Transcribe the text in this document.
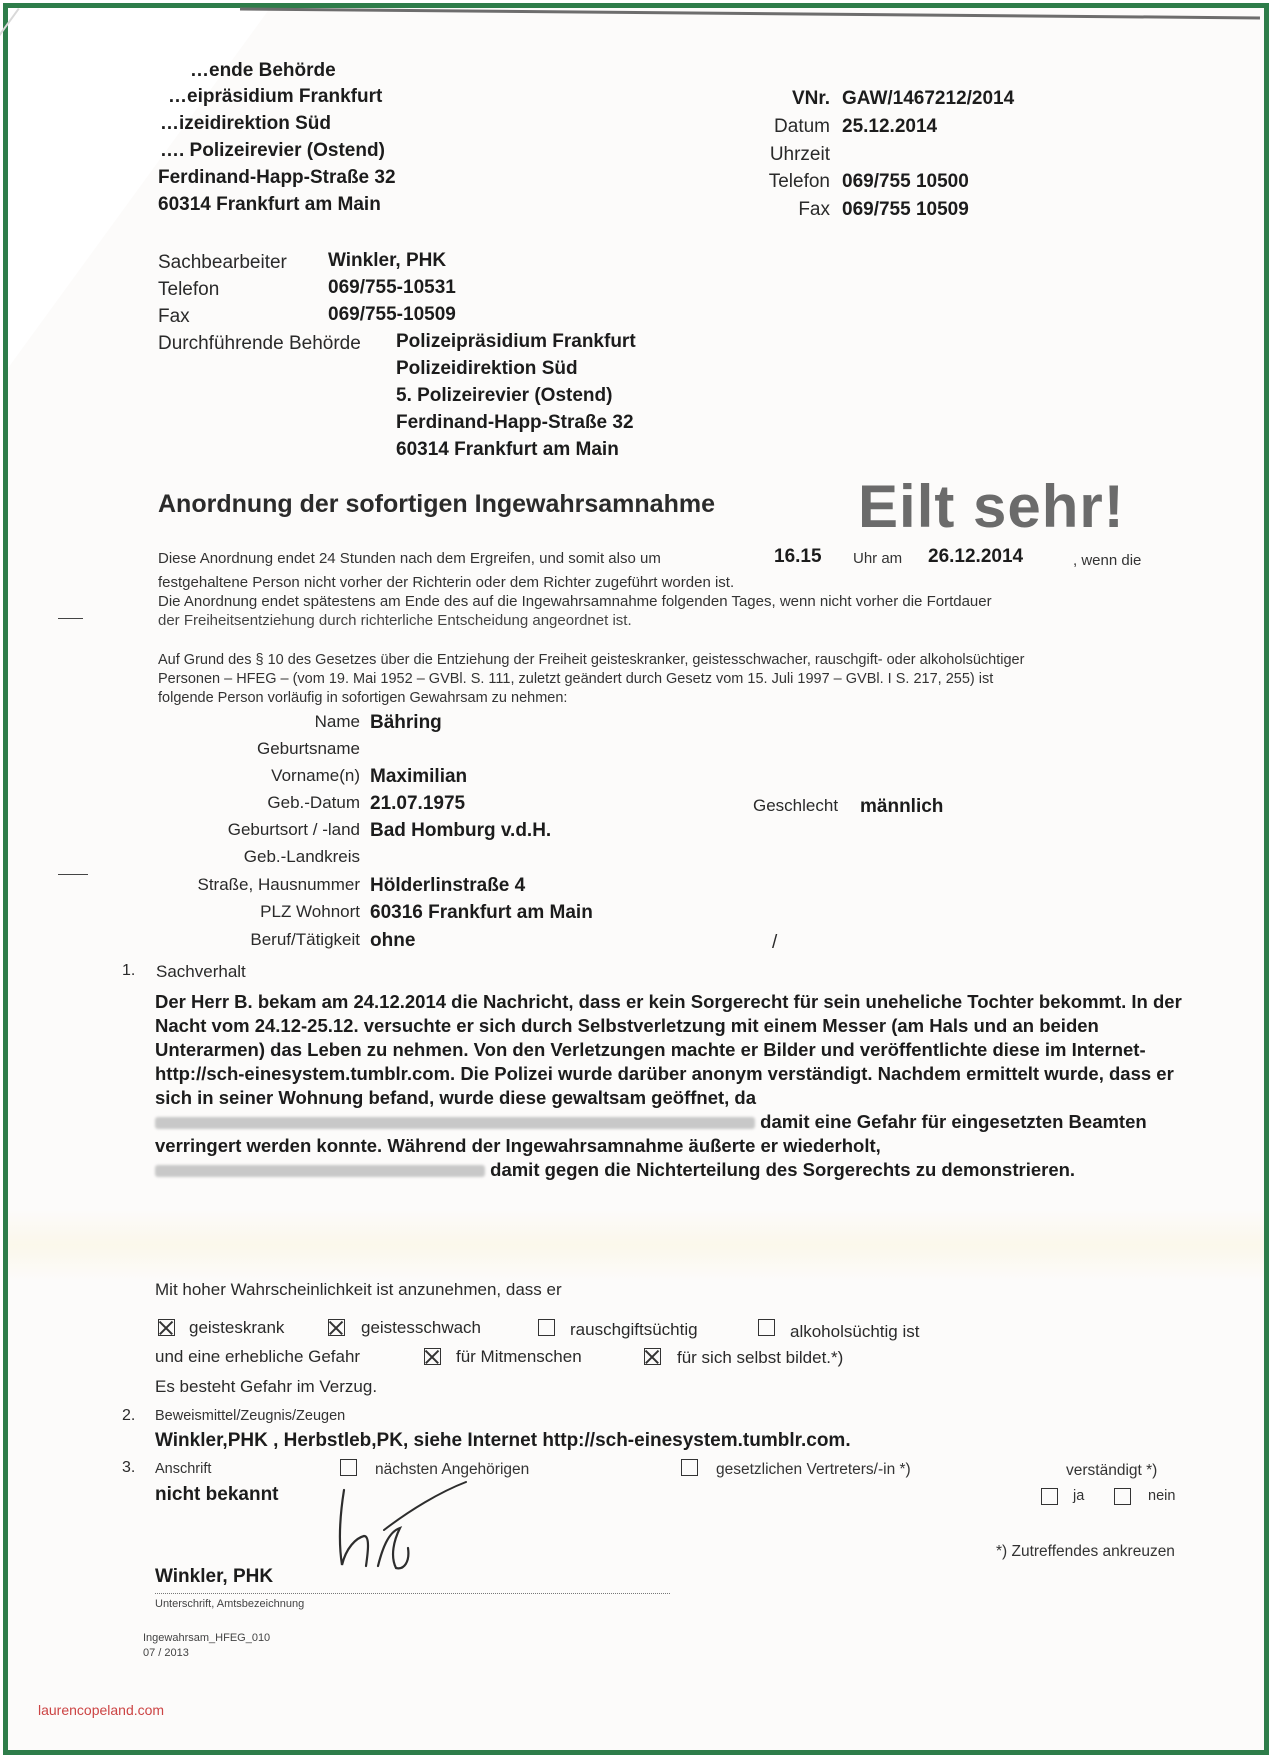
…ende Behörde
…eipräsidium Frankfurt
…izeidirektion Süd
…. Polizeirevier (Ostend)
Ferdinand-Happ-Straße 32
60314 Frankfurt am Main
VNr. GAW/1467212/2014
Datum 25.12.2014
Uhrzeit
Telefon 069/755 10500
Fax 069/755 10509
Sachbearbeiter Winkler, PHK
Telefon	069/755-10531
Fax	069/755-10509
Durchführende Behörde Polizeipräsidium Frankfurt
Polizeidirektion Süd
5. Polizeirevier (Ostend)
Ferdinand-Happ-Straße 32
60314 Frankfurt am Main
Anordnung der sofortigen Ingewahrsamnahme Eilt sehr!
Diese Anordnung endet 24 Stunden nach dem Ergreifen, und somit also um	16.15 Uhr am 26.12.2014	, wenn die
festgehaltene Person nicht vorher der Richterin oder dem Richter zugeführt worden ist.
Die Anordnung endet spätestens am Ende des auf die Ingewahrsamnahme folgenden Tages, wenn nicht vorher die Fortdauer
der Freiheitsentziehung durch richterliche Entscheidung angeordnet ist.
Auf Grund des § 10 des Gesetzes über die Entziehung der Freiheit geisteskranker, geistesschwacher, rauschgift- oder alkoholsüchtiger
Personen – HFEG – (vom 19. Mai 1952 – GVBl. S. 111, zuletzt geändert durch Gesetz vom 15. Juli 1997 – GVBl. I S. 217, 255) ist
folgende Person vorläufig in sofortigen Gewahrsam zu nehmen:
Name Bähring
Geburtsname
Vorname(n) Maximilian
Geb.-Datum 21.07.1975	Geschlecht männlich
Geburtsort / -land Bad Homburg v.d.H.
Geb.-Landkreis
Straße, Hausnummer Hölderlinstraße 4
PLZ Wohnort 60316 Frankfurt am Main
Beruf/Tätigkeit ohne	/
1. Sachverhalt
Der Herr B. bekam am 24.12.2014 die Nachricht, dass er kein Sorgerecht für sein uneheliche Tochter bekommt. In der Nacht vom 24.12-25.12. versuchte er sich durch Selbstverletzung mit einem Messer (am Hals und an beiden Unterarmen) das Leben zu nehmen. Von den Verletzungen machte er Bilder und veröffentlichte diese im Internet- http://sch-einesystem.tumblr.com. Die Polizei wurde darüber anonym verständigt. Nachdem ermittelt wurde, dass er sich in seiner Wohnung befand, wurde diese gewaltsam geöffnet, da  damit eine Gefahr für eingesetzten Beamten verringert werden konnte. Während der Ingewahrsamnahme äußerte er wiederholt,  damit gegen die Nichterteilung des Sorgerechts zu demonstrieren.
Mit hoher Wahrscheinlichkeit ist anzunehmen, dass er
geisteskrank	geistesschwach	rauschgiftsüchtig	alkoholsüchtig ist
und eine erhebliche Gefahr	für Mitmenschen	für sich selbst bildet.*)
Es besteht Gefahr im Verzug.
2. Beweismittel/Zeugnis/Zeugen
Winkler,PHK , Herbstleb,PK, siehe Internet http://sch-einesystem.tumblr.com.
3. Anschrift	nächsten Angehörigen	gesetzlichen Vertreters/-in *)	verständigt *)
ja	nein
nicht bekannt
*) Zutreffendes ankreuzen
Winkler, PHK
Unterschrift, Amtsbezeichnung
Ingewahrsam_HFEG_010
07 / 2013
laurencopeland.com
